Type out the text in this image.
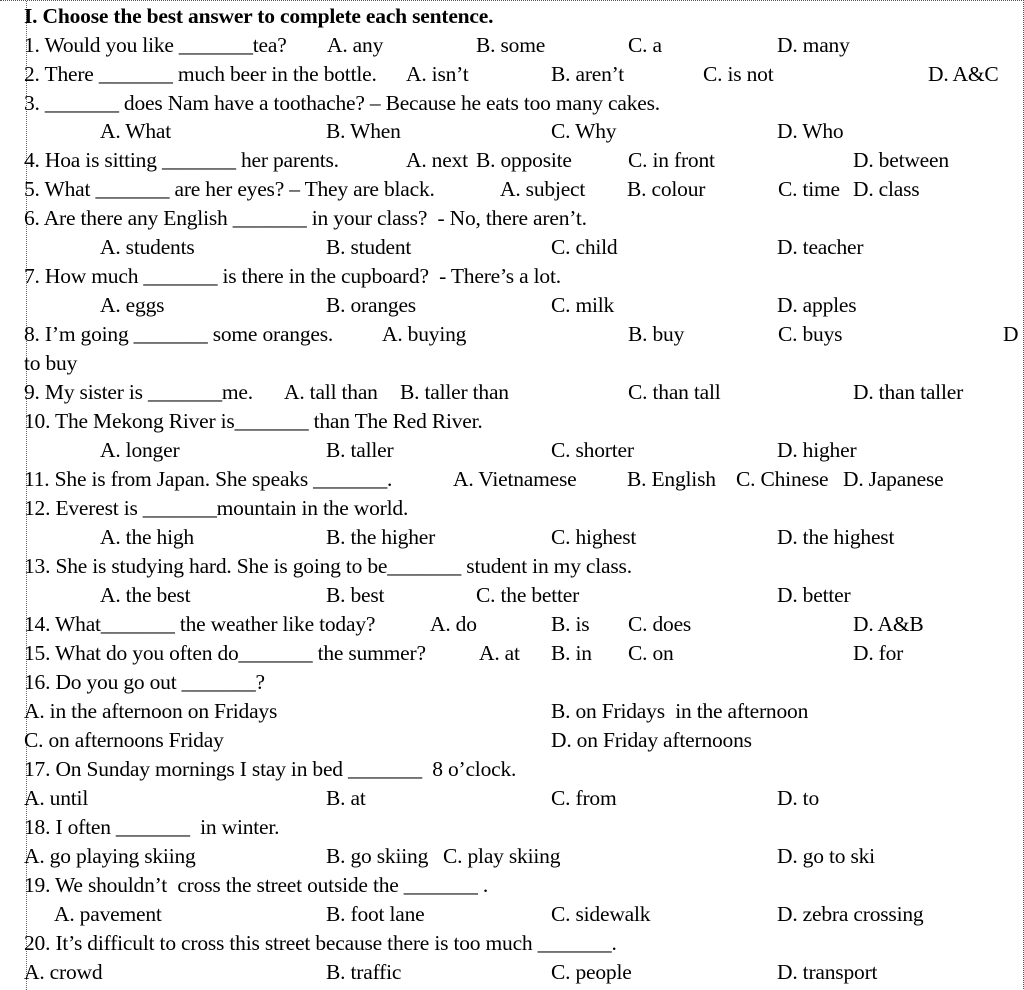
I. Choose the best answer to complete each sentence.
1. Would you like _______tea? A. any	B. some	C. a	D. many
2. There _______ much beer in the bottle. A. isn’t	B. aren’t	C. is not	D. A&C
3. _______ does Nam have a toothache? – Because he eats too many cakes.
A. What	B. When	C. Why	D. Who
4. Hoa is sitting _______ her parents.	A. next B. opposite	C. in front	D. between
5. What _______ are her eyes? – They are black.	A. subject B. colour	C. time D. class
6. Are there any English _______ in your class?  - No, there aren’t.
A. students	B. student	C. child	D. teacher
7. How much _______ is there in the cupboard?  - There’s a lot.
A. eggs	B. oranges	C. milk	D. apples
8. I’m going _______ some oranges. A. buying	B. buy	C. buys	D
to buy
9. My sister is _______me. A. tall than B. taller than	C. than tall	D. than taller
10. The Mekong River is_______ than The Red River.
A. longer	B. taller	C. shorter	D. higher
11. She is from Japan. She speaks _______.	A. Vietnamese B. English C. Chinese D. Japanese
12. Everest is _______mountain in the world.
A. the high	B. the higher	C. highest	D. the highest
13. She is studying hard. She is going to be_______ student in my class.
A. the best	B. best	C. the better	D. better
14. What_______ the weather like today?	A. do	B. is C. does	D. A&B
15. What do you often do_______ the summer? A. at B. in C. on	D. for
16. Do you go out _______?
A. in the afternoon on Fridays	B. on Fridays  in the afternoon
C. on afternoons Friday	D. on Friday afternoons
17. On Sunday mornings I stay in bed _______  8 o’clock.
A. until	B. at	C. from	D. to
18. I often _______  in winter.
A. go playing skiing	B. go skiing C. play skiing	D. go to ski
19. We shouldn’t  cross the street outside the _______ .
A. pavement	B. foot lane	C. sidewalk	D. zebra crossing
20. It’s difficult to cross this street because there is too much _______.
A. crowd	B. traffic	C. people	D. transport
